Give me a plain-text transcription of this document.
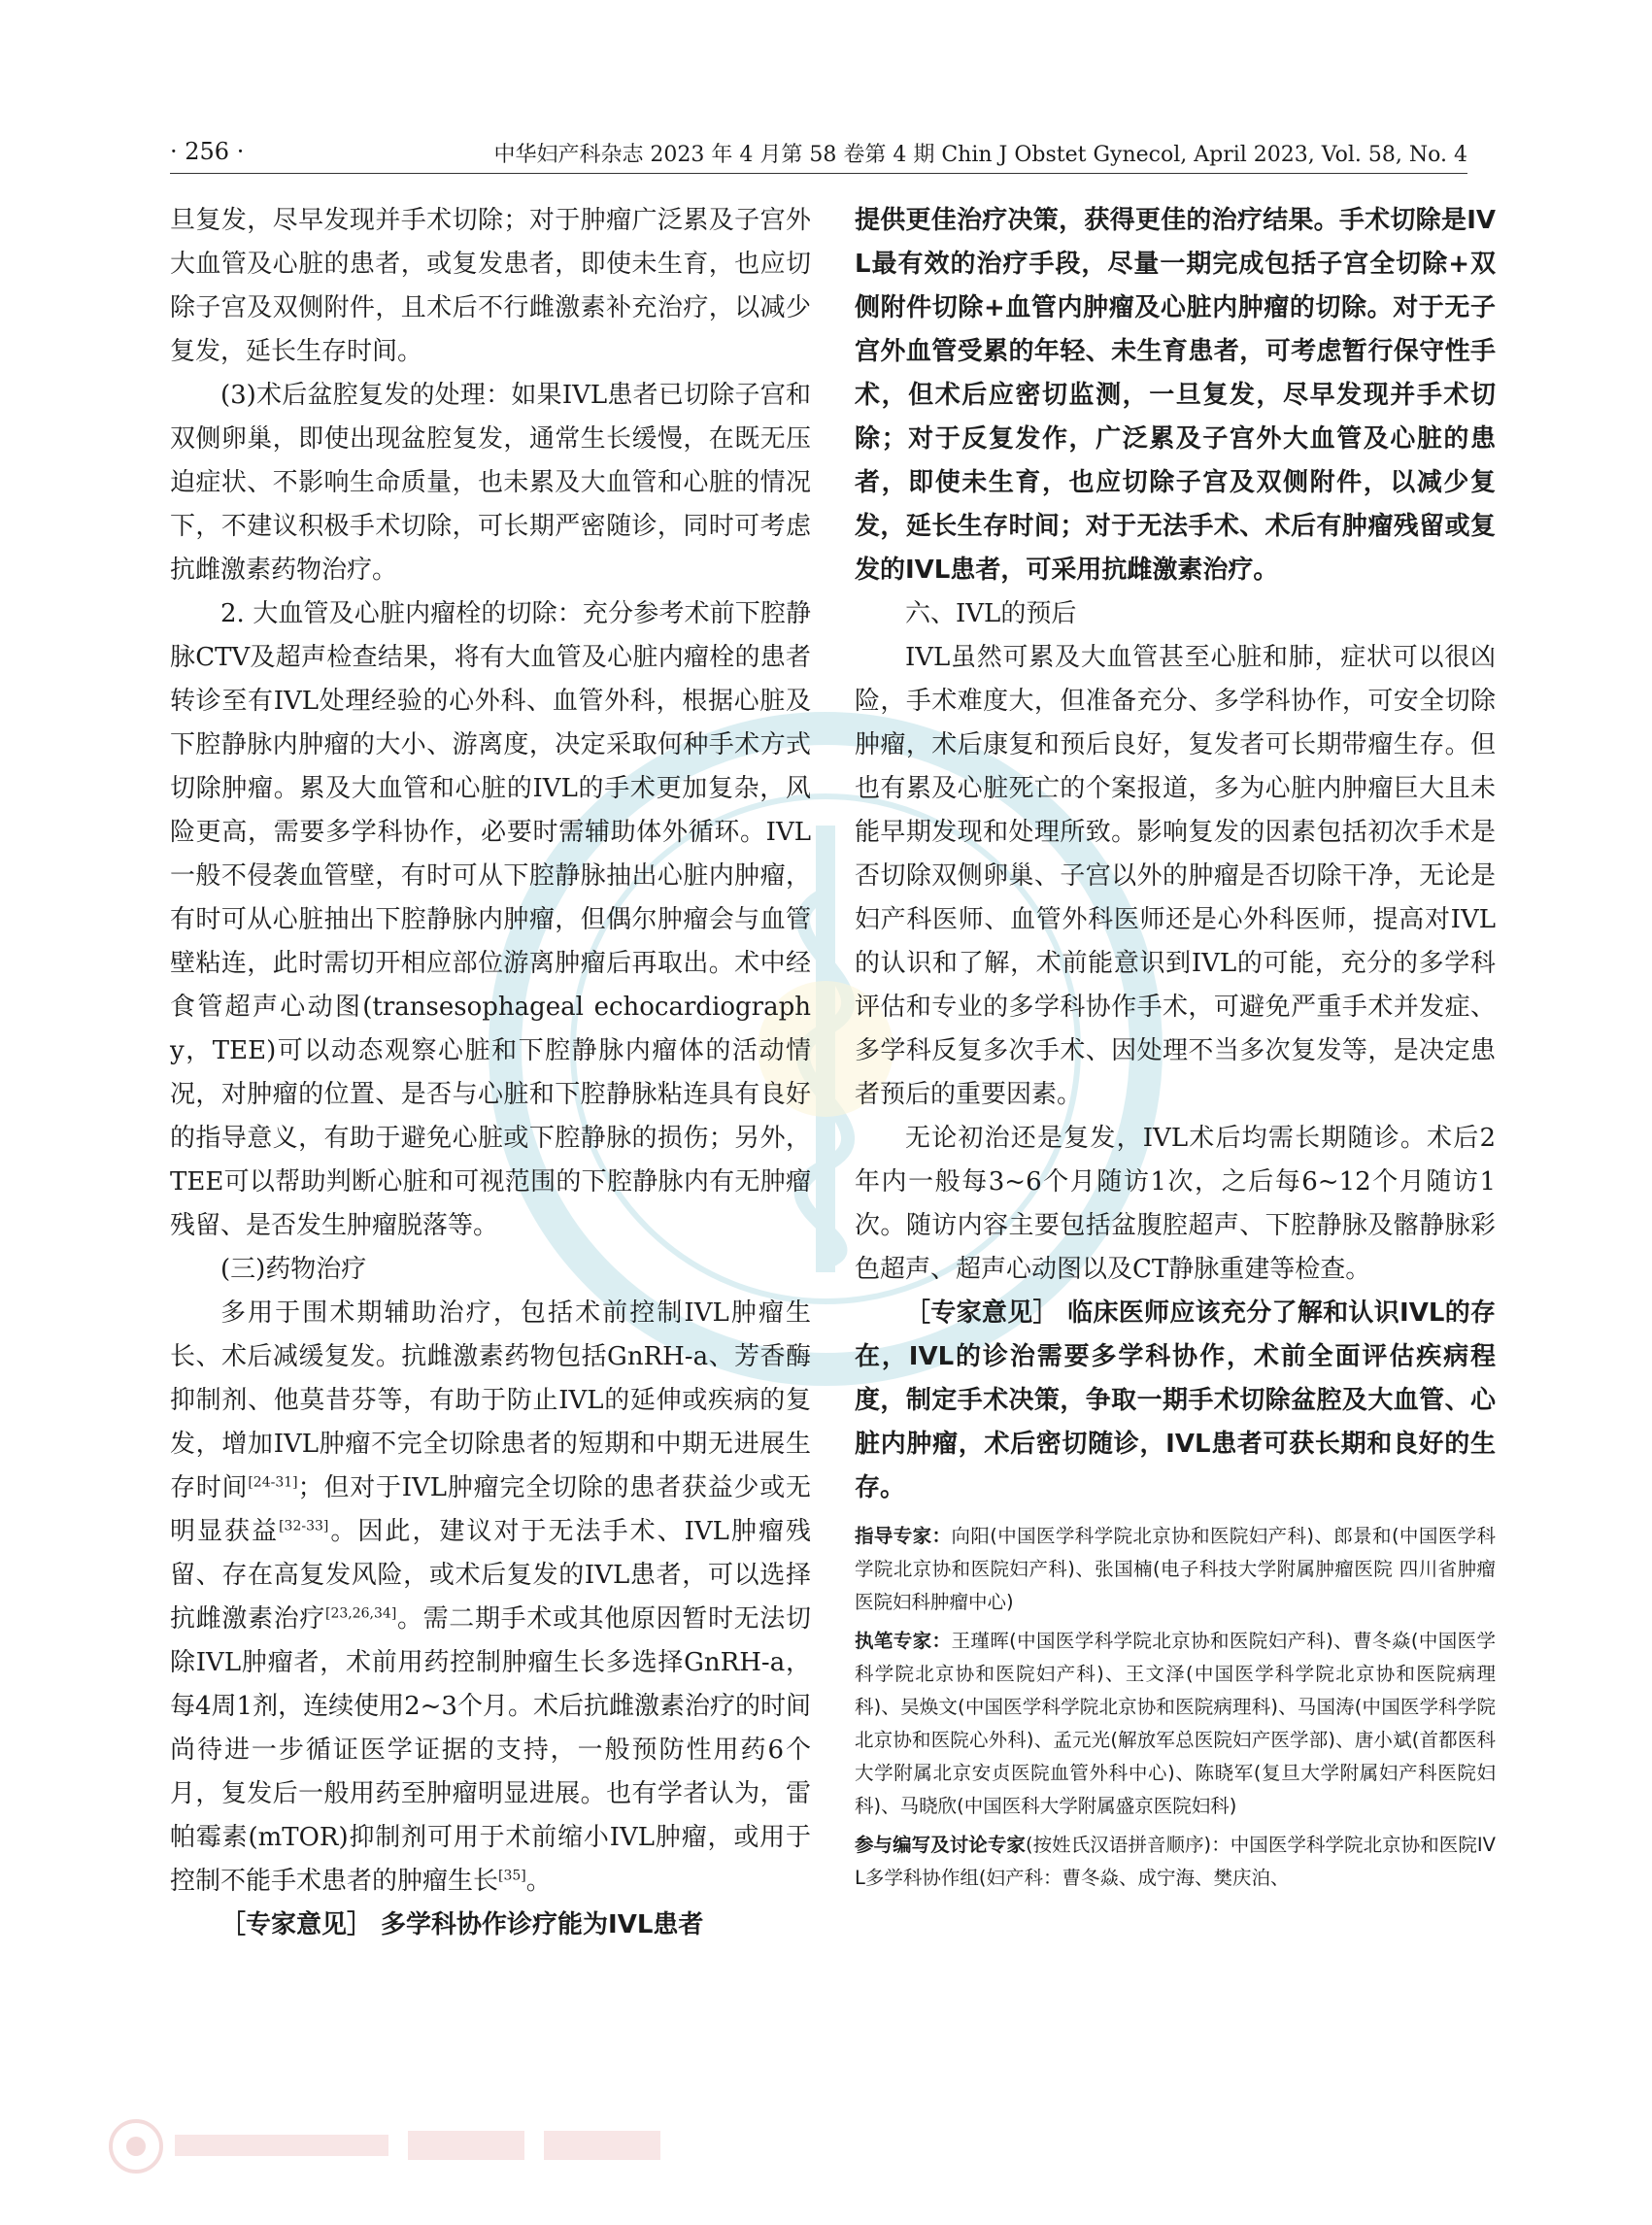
· 256 ·	中华妇产科杂志 2023 年 4 月第 58 卷第 4 期 Chin J Obstet Gynecol, April 2023, Vol. 58, No. 4

旦复发，尽早发现并手术切除；对于肿瘤广泛累及子宫外大血管及心脏的患者，或复发患者，即使未生育，也应切除子宫及双侧附件，且术后不行雌激素补充治疗，以减少复发，延长生存时间。

(3)术后盆腔复发的处理：如果IVL患者已切除子宫和双侧卵巢，即使出现盆腔复发，通常生长缓慢，在既无压迫症状、不影响生命质量，也未累及大血管和心脏的情况下，不建议积极手术切除，可长期严密随诊，同时可考虑抗雌激素药物治疗。

2. 大血管及心脏内瘤栓的切除：充分参考术前下腔静脉CTV及超声检查结果，将有大血管及心脏内瘤栓的患者转诊至有IVL处理经验的心外科、血管外科，根据心脏及下腔静脉内肿瘤的大小、游离度，决定采取何种手术方式切除肿瘤。累及大血管和心脏的IVL的手术更加复杂，风险更高，需要多学科协作，必要时需辅助体外循环。IVL一般不侵袭血管壁，有时可从下腔静脉抽出心脏内肿瘤，有时可从心脏抽出下腔静脉内肿瘤，但偶尔肿瘤会与血管壁粘连，此时需切开相应部位游离肿瘤后再取出。术中经食管超声心动图(transesophageal echocardiography，TEE)可以动态观察心脏和下腔静脉内瘤体的活动情况，对肿瘤的位置、是否与心脏和下腔静脉粘连具有良好的指导意义，有助于避免心脏或下腔静脉的损伤；另外，TEE可以帮助判断心脏和可视范围的下腔静脉内有无肿瘤残留、是否发生肿瘤脱落等。

(三)药物治疗

多用于围术期辅助治疗，包括术前控制IVL肿瘤生长、术后减缓复发。抗雌激素药物包括GnRH-a、芳香酶抑制剂、他莫昔芬等，有助于防止IVL的延伸或疾病的复发，增加IVL肿瘤不完全切除患者的短期和中期无进展生存时间[24-31]；但对于IVL肿瘤完全切除的患者获益少或无明显获益[32-33]。因此，建议对于无法手术、IVL肿瘤残留、存在高复发风险，或术后复发的IVL患者，可以选择抗雌激素治疗[23,26,34]。需二期手术或其他原因暂时无法切除IVL肿瘤者，术前用药控制肿瘤生长多选择GnRH-a，每4周1剂，连续使用2~3个月。术后抗雌激素治疗的时间尚待进一步循证医学证据的支持，一般预防性用药6个月，复发后一般用药至肿瘤明显进展。也有学者认为，雷帕霉素(mTOR)抑制剂可用于术前缩小IVL肿瘤，或用于控制不能手术患者的肿瘤生长[35]。

［专家意见］ 多学科协作诊疗能为IVL患者

提供更佳治疗决策，获得更佳的治疗结果。手术切除是IVL最有效的治疗手段，尽量一期完成包括子宫全切除+双侧附件切除+血管内肿瘤及心脏内肿瘤的切除。对于无子宫外血管受累的年轻、未生育患者，可考虑暂行保守性手术，但术后应密切监测，一旦复发，尽早发现并手术切除；对于反复发作，广泛累及子宫外大血管及心脏的患者，即使未生育，也应切除子宫及双侧附件，以减少复发，延长生存时间；对于无法手术、术后有肿瘤残留或复发的IVL患者，可采用抗雌激素治疗。

六、IVL的预后

IVL虽然可累及大血管甚至心脏和肺，症状可以很凶险，手术难度大，但准备充分、多学科协作，可安全切除肿瘤，术后康复和预后良好，复发者可长期带瘤生存。但也有累及心脏死亡的个案报道，多为心脏内肿瘤巨大且未能早期发现和处理所致。影响复发的因素包括初次手术是否切除双侧卵巢、子宫以外的肿瘤是否切除干净，无论是妇产科医师、血管外科医师还是心外科医师，提高对IVL的认识和了解，术前能意识到IVL的可能，充分的多学科评估和专业的多学科协作手术，可避免严重手术并发症、多学科反复多次手术、因处理不当多次复发等，是决定患者预后的重要因素。

无论初治还是复发，IVL术后均需长期随诊。术后2年内一般每3~6个月随访1次，之后每6~12个月随访1次。随访内容主要包括盆腹腔超声、下腔静脉及髂静脉彩色超声、超声心动图以及CT静脉重建等检查。

［专家意见］ 临床医师应该充分了解和认识IVL的存在，IVL的诊治需要多学科协作，术前全面评估疾病程度，制定手术决策，争取一期手术切除盆腔及大血管、心脏内肿瘤，术后密切随诊，IVL患者可获长期和良好的生存。

指导专家：向阳(中国医学科学院北京协和医院妇产科)、郎景和(中国医学科学院北京协和医院妇产科)、张国楠(电子科技大学附属肿瘤医院 四川省肿瘤医院妇科肿瘤中心)

执笔专家：王瑾晖(中国医学科学院北京协和医院妇产科)、曹冬焱(中国医学科学院北京协和医院妇产科)、王文泽(中国医学科学院北京协和医院病理科)、吴焕文(中国医学科学院北京协和医院病理科)、马国涛(中国医学科学院北京协和医院心外科)、孟元光(解放军总医院妇产医学部)、唐小斌(首都医科大学附属北京安贞医院血管外科中心)、陈晓军(复旦大学附属妇产科医院妇科)、马晓欣(中国医科大学附属盛京医院妇科)

参与编写及讨论专家(按姓氏汉语拼音顺序)：中国医学科学院北京协和医院IVL多学科协作组(妇产科：曹冬焱、成宁海、樊庆泊、
